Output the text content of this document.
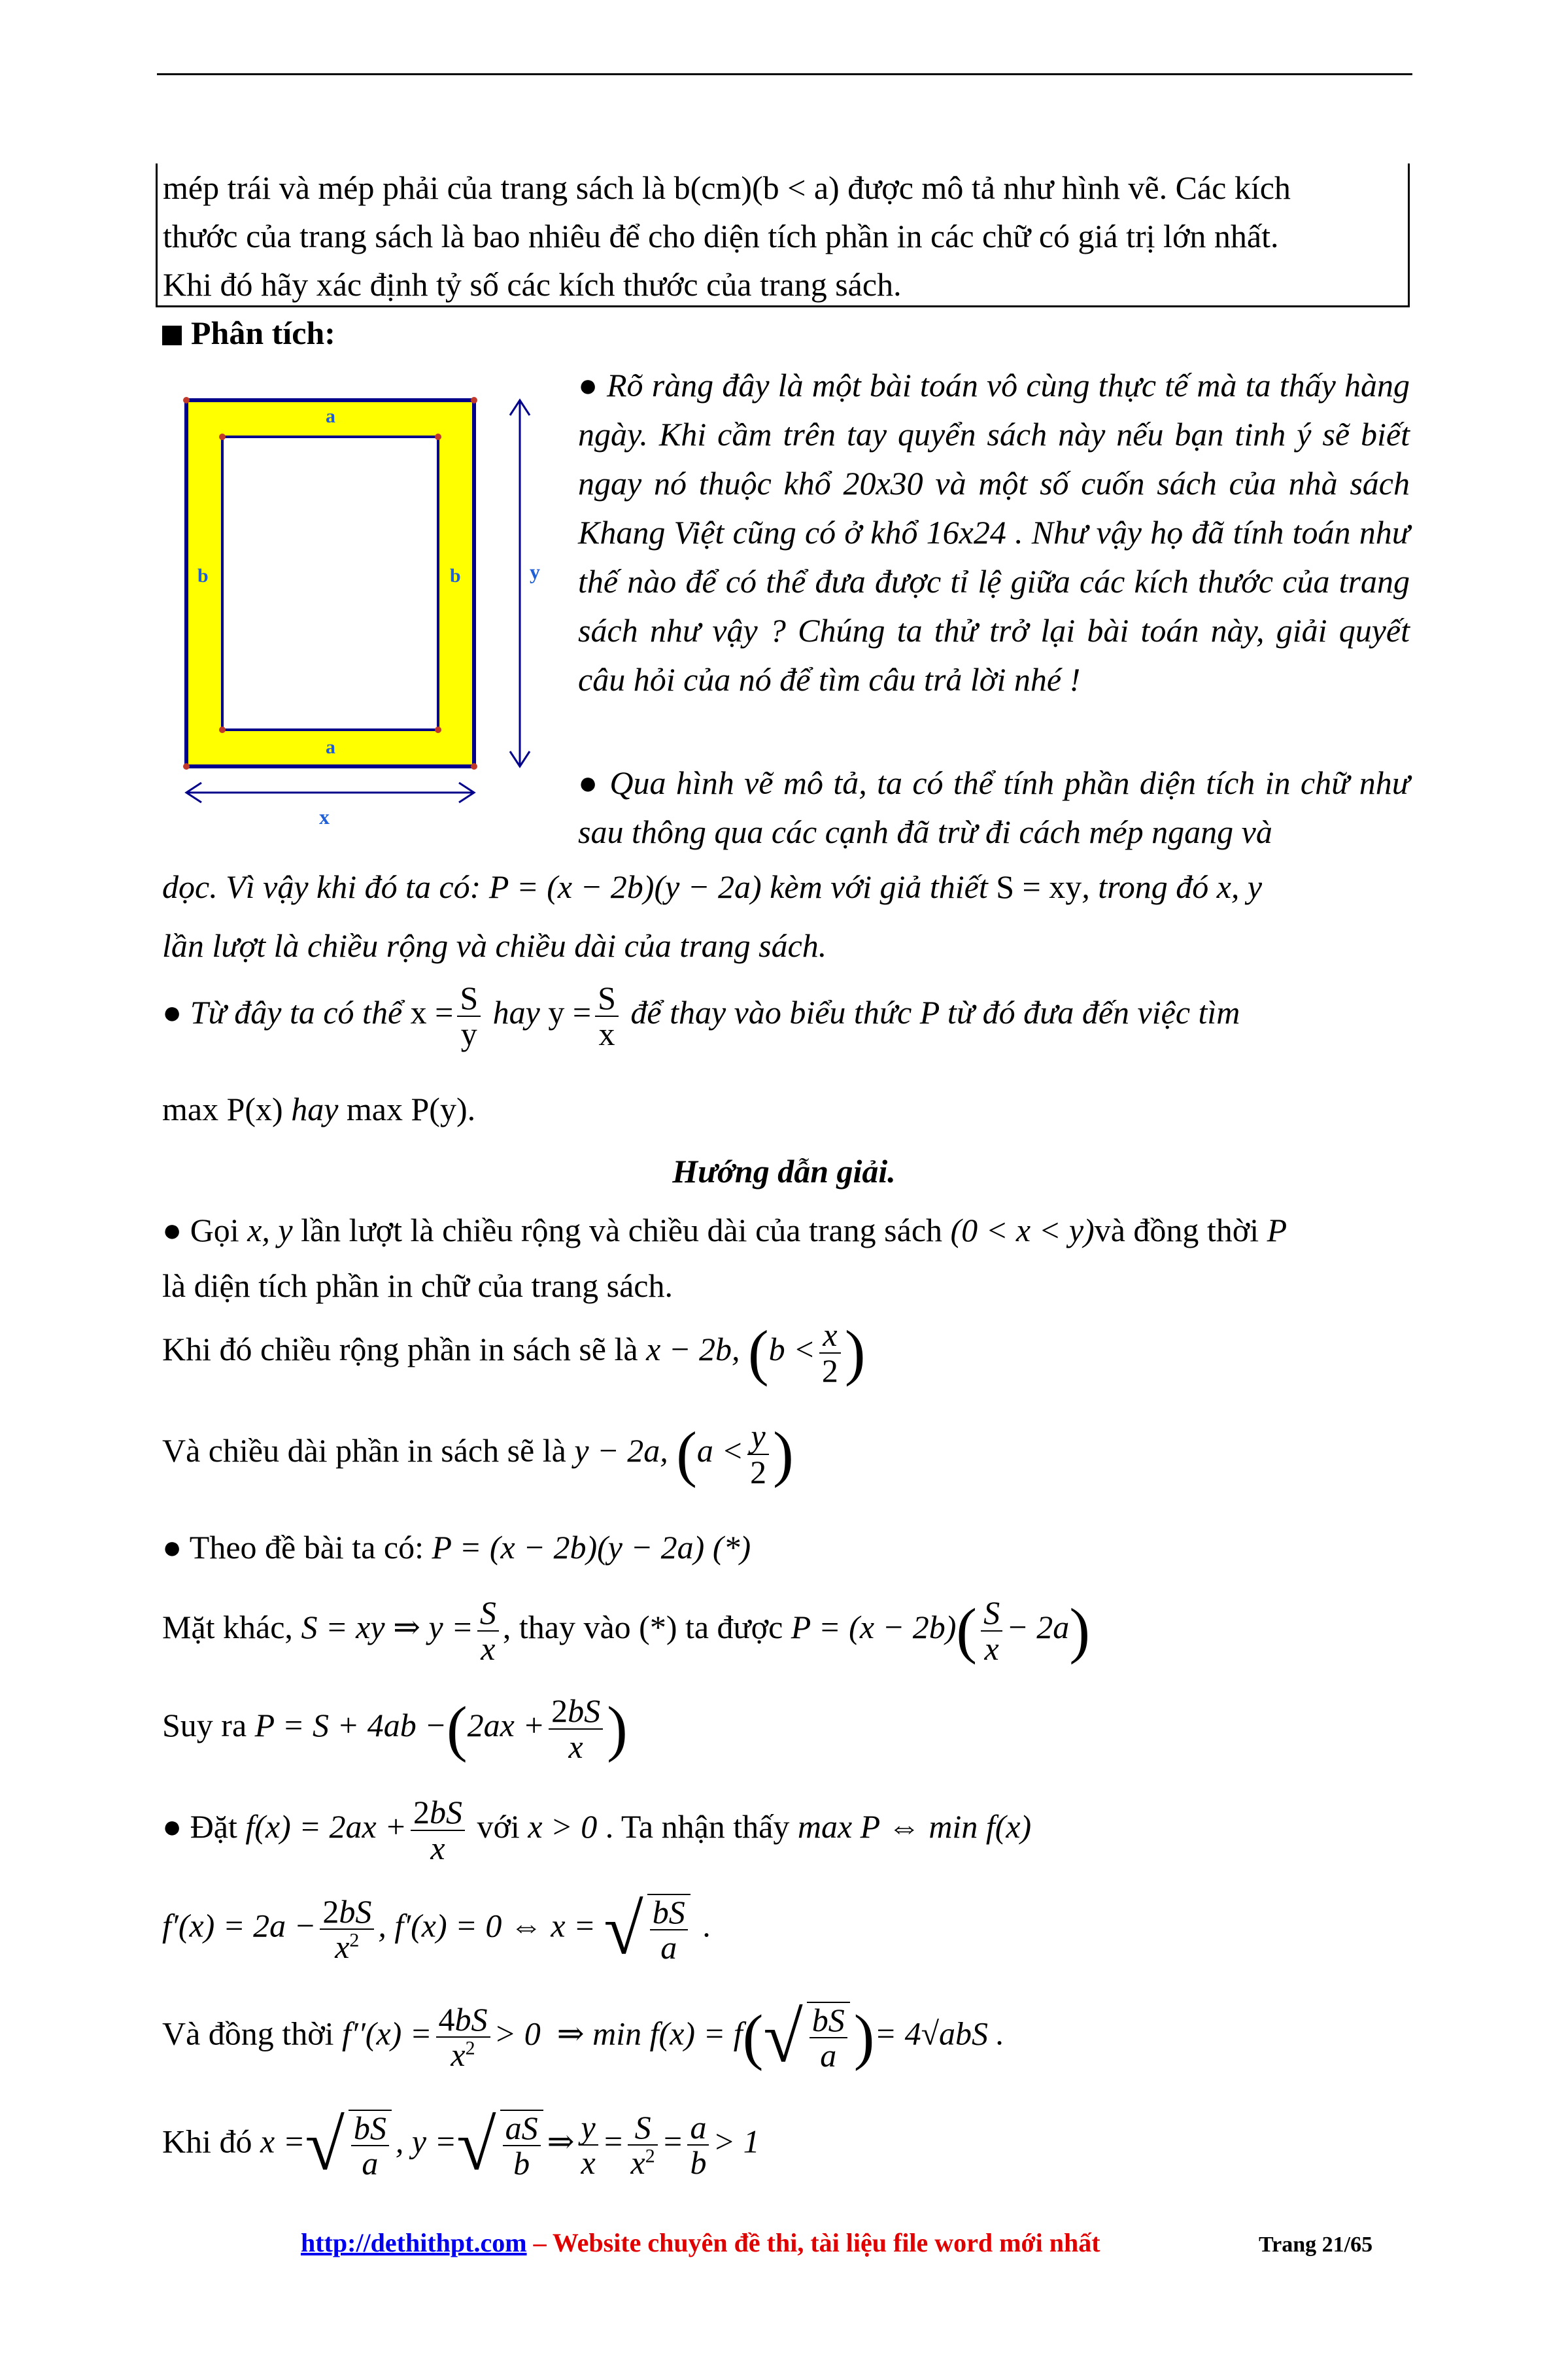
mép trái và mép phải của trang sách là b(cm)(b < a) được mô tả như hình vẽ. Các kích

thước của trang sách là bao nhiêu để cho diện tích phần in các chữ có giá trị lớn nhất.

Khi đó hãy xác định tỷ số các kích thước của trang sách.

Phân tích:
a
a
b	b	y
x

● Rõ ràng đây là một bài toán vô cùng thực tế mà ta thấy hàng ngày. Khi cầm trên tay quyển sách này nếu bạn tinh ý sẽ biết ngay nó thuộc khổ 20x30 và một số cuốn sách của nhà sách Khang Việt cũng có ở khổ 16x24 . Như vậy họ đã tính toán như thế nào để có thể đưa được tỉ lệ giữa các kích thước của trang sách như vậy ? Chúng ta thử trở lại bài toán này, giải quyết câu hỏi của nó để tìm câu trả lời nhé !

● Qua hình vẽ mô tả, ta có thể tính phần diện tích in chữ như sau thông qua các cạnh đã trừ đi cách mép ngang và

dọc. Vì vậy khi đó ta có: P = (x − 2b)(y − 2a) kèm với giả thiết S = xy, trong đó x, y
lần lượt là chiều rộng và chiều dài của trang sách.
● Từ đây ta có thể $x = \frac{S}{y}$ hay $y = \frac{S}{x}$ để thay vào biểu thức P từ đó đưa đến việc tìm
max P(x) hay max P(y).
Hướng dẫn giải.
● Gọi x, y lần lượt là chiều rộng và chiều dài của trang sách (0 < x < y)và đồng thời P
là diện tích phần in chữ của trang sách.
Khi đó chiều rộng phần in sách sẽ là x − 2b, ($b < \frac{x}{2}$ )
Và chiều dài phần in sách sẽ là y − 2a, ($a < \frac{y}{2}$ )
● Theo đề bài ta có: P = (x − 2b)(y − 2a) (*)
Mặt khác, S = xy ⇒ $y = \frac{S}{x}$ , thay vào (*) ta được $P = (x - 2b)( \frac{S}{x} - 2a)$
Suy ra $P = S + 4ab -(2ax + \frac{2bS}{x}$ )
● Đặt $f(x) = 2ax + \frac{2bS}{x}$ với x > 0 . Ta nhận thấy max P ⇔ min f(x)
$f'(x) = 2a - \frac{2bS}{x^2}$ , f′(x) = 0 ⇔ x = √ $\frac{bS}{a}$ .
Và đồng thời $f''(x) = \frac{4bS}{x^2} > 0$  ⇒ $\min f(x) = f(√ \frac{bS}{a}$ )= 4√abS .
Khi đó x =√ $\frac{bS}{a}$ , y =√ $\frac{aS}{b}$ ⇒ $\frac{y}{x} = \frac{S}{x^2} = \frac{a}{b} > 1$
http://dethithpt.com – Website chuyên đề thi, tài liệu file word mới nhất	Trang 21/65
